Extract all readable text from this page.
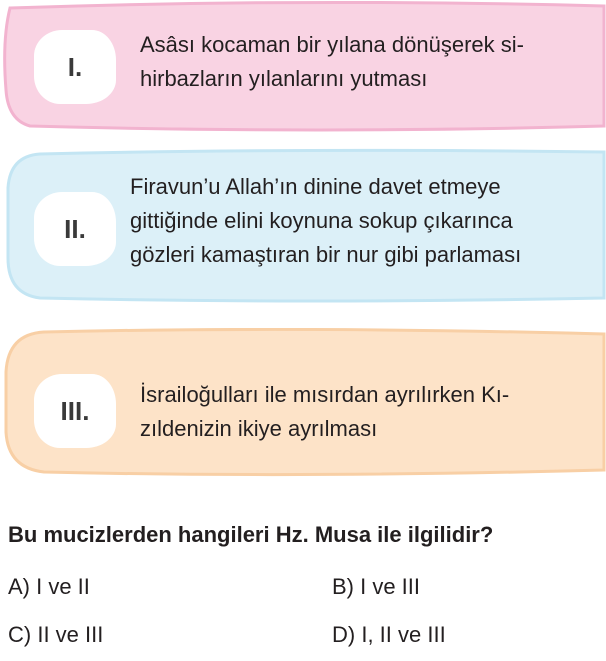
I.
Asâsı kocaman bir yılana dönüşerek si-
hirbazların yılanlarını yutması
II.
Firavun’u Allah’ın dinine davet etmeye
gittiğinde elini koynuna sokup çıkarınca
gözleri kamaştıran bir nur gibi parlaması
III.
İsrailoğulları ile mısırdan ayrılırken Kı-
zıldenizin ikiye ayrılması
Bu mucizlerden hangileri Hz. Musa ile ilgilidir?
A) I ve II	B) I ve III
C) II ve III	D) I, II ve III
